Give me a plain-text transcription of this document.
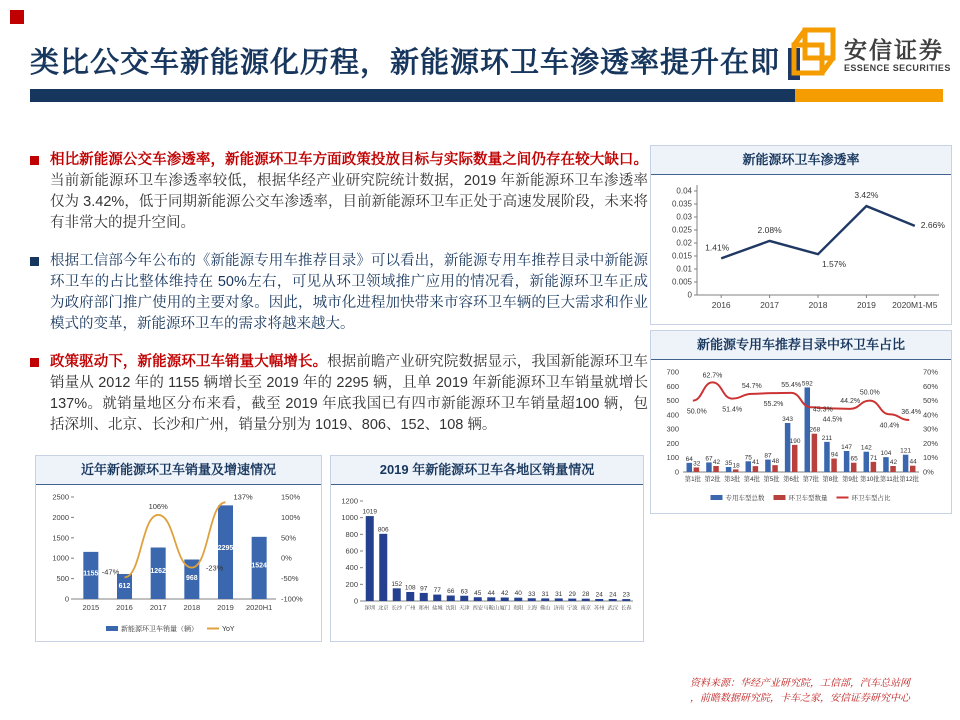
类比公交车新能源化历程，新能源环卫车渗透率提升在即	安信证券
ESSENCE SECURITIES

相比新能源公交车渗透率，新能源环卫车方面政策投放目标与实际数量之间仍存在较大缺口。当前新能源环卫车渗透率较低，根据华经产业研究院统计数据，2019 年新能源环卫车渗透率仅为 3.42%，低于同期新能源公交车渗透率，目前新能源环卫车正处于高速发展阶段，未来将有非常大的提升空间。

根据工信部今年公布的《新能源专用车推荐目录》可以看出，新能源专用车推荐目录中新能源环卫车的占比整体维持在 50%左右，可见从环卫领域推广应用的情况看，新能源环卫车正成为政府部门推广使用的主要对象。因此，城市化进程加快带来市容环卫车辆的巨大需求和作业模式的变革，新能源环卫车的需求将越来越大。

政策驱动下，新能源环卫车销量大幅增长。根据前瞻产业研究院数据显示，我国新能源环卫车销量从 2012 年的 1155 辆增长至 2019 年的 2295 辆，且单 2019 年新能源环卫车销量就增长 137%。就销量地区分布来看，截至 2019 年底我国已有四市新能源环卫车销量超100 辆，包括深圳、北京、长沙和广州，销量分别为 1019、806、152、108 辆。

新能源环卫车渗透率
0
0.005
0.01
0.015
0.02
0.025
0.03
0.035
0.04
2016	2017	2018	2019 2020M1-M5
1.41%
2.08%
1.57%
3.42%
2.66%
新能源专用车推荐目录中环卫车占比
0
100
200
300
400
500
600
700
0%
10%
20%
30%
40%
50%
60%
70%
64
32
第1批
67
42
第2批
35 18
第3批
75
41
第4批
87
48
第5批
343
190
第6批
592
268
第7批
211
94
第8批
147
65
第9批
142
71
第10批
104
42
第11批
121
44
第12批
50.0%
62.7%
51.4%
54.7%
55.2%
55.4%
45.3%
44.5%
44.2%
50.0%
40.4%
36.4%
专用车型总数	环卫车型数量	环卫车型占比
近年新能源环卫车销量及增速情况
0
500
1000
1500
2000
2500
-100%
-50%
0%
50%
100%
150%
1155
2015
612
2016
1262
2017
968
2018
2295
2019
1524
2020H1
-47%
106%
-23%
137%
新能源环卫车销量（辆）	YoY
2019 年新能源环卫车各地区销量情况
0
200
400
600
800
1000
1200
1019
深圳
806
北京
152
长沙
108
广州
97
郑州
77
盐城
66
沈阳
63
天津
45
西安
44
马鞍山
42
厦门
40
贵阳
33
上海
31
佛山
31
济南
29
宁波
28
南京
24
苏州
24
武汉
23
长春
资料来源：华经产业研究院，工信部，汽车总站网
，前瞻数据研究院，卡车之家，安信证券研究中心
